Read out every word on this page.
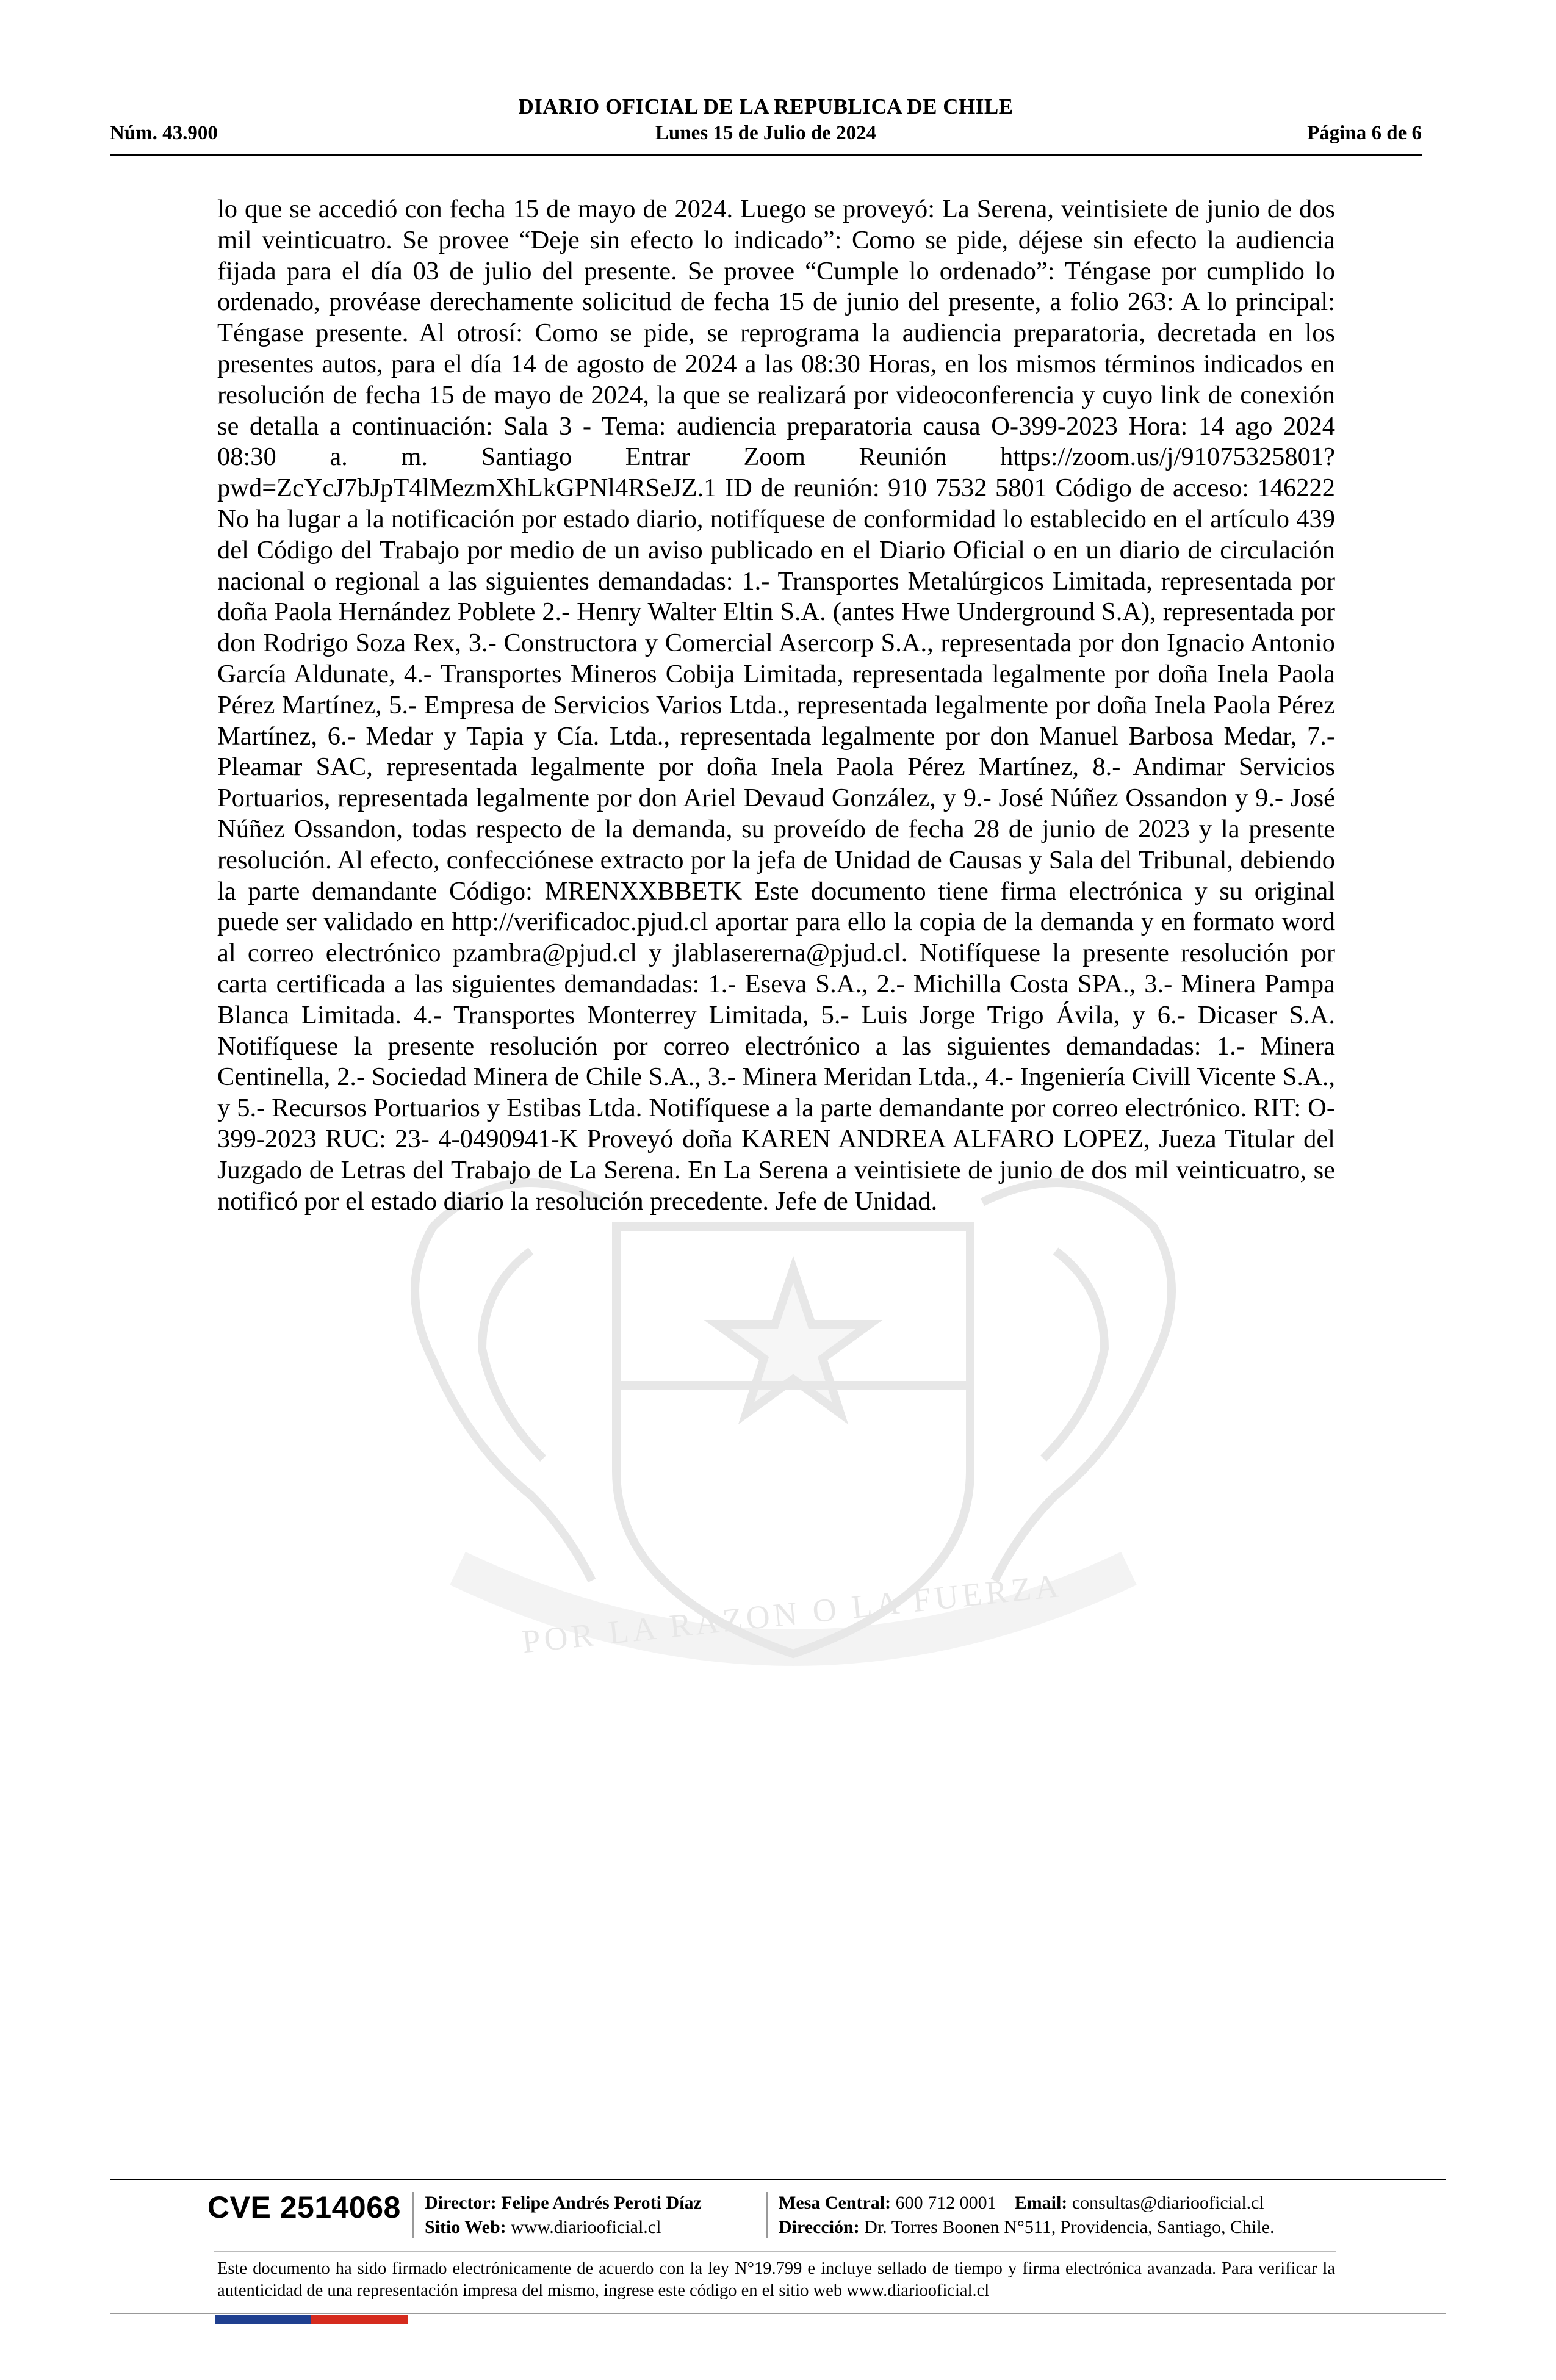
DIARIO OFICIAL DE LA REPUBLICA DE CHILE
Lunes 15 de Julio de 2024
Núm. 43.900	Página 6 de 6
POR LA RAZON O LA FUERZA
lo que se accedió con fecha 15 de mayo de 2024. Luego se proveyó: La Serena, veintisiete de junio de dos mil veinticuatro. Se provee “Deje sin efecto lo indicado”: Como se pide, déjese sin efecto la audiencia fijada para el día 03 de julio del presente. Se provee “Cumple lo ordenado”: Téngase por cumplido lo ordenado, provéase derechamente solicitud de fecha 15 de junio del presente, a folio 263: A lo principal: Téngase presente. Al otrosí: Como se pide, se reprograma la audiencia preparatoria, decretada en los presentes autos, para el día 14 de agosto de 2024 a las 08:30 Horas, en los mismos términos indicados en resolución de fecha 15 de mayo de 2024, la que se realizará por videoconferencia y cuyo link de conexión se detalla a continuación: Sala 3 - Tema: audiencia preparatoria causa O-399-2023 Hora: 14 ago 2024 08:30 a. m. Santiago Entrar Zoom Reunión https://zoom.us/j/91075325801? pwd=ZcYcJ7bJpT4lMezmXhLkGPNl4RSeJZ.1 ID de reunión: 910 7532 5801 Código de acceso: 146222 No ha lugar a la notificación por estado diario, notifíquese de conformidad lo establecido en el artículo 439 del Código del Trabajo por medio de un aviso publicado en el Diario Oficial o en un diario de circulación nacional o regional a las siguientes demandadas: 1.- Transportes Metalúrgicos Limitada, representada por doña Paola Hernández Poblete 2.- Henry Walter Eltin S.A. (antes Hwe Underground S.A), representada por don Rodrigo Soza Rex, 3.- Constructora y Comercial Asercorp S.A., representada por don Ignacio Antonio García Aldunate, 4.- Transportes Mineros Cobija Limitada, representada legalmente por doña Inela Paola Pérez Martínez, 5.- Empresa de Servicios Varios Ltda., representada legalmente por doña Inela Paola Pérez Martínez, 6.- Medar y Tapia y Cía. Ltda., representada legalmente por don Manuel Barbosa Medar, 7.- Pleamar SAC, representada legalmente por doña Inela Paola Pérez Martínez, 8.- Andimar Servicios Portuarios, representada legalmente por don Ariel Devaud González, y 9.- José Núñez Ossandon y 9.- José Núñez Ossandon, todas respecto de la demanda, su proveído de fecha 28 de junio de 2023 y la presente resolución. Al efecto, confecciónese extracto por la jefa de Unidad de Causas y Sala del Tribunal, debiendo la parte demandante Código: MRENXXBBETK Este documento tiene firma electrónica y su original puede ser validado en http://verificadoc.pjud.cl aportar para ello la copia de la demanda y en formato word al correo electrónico pzambra@pjud.cl y jlablasererna@pjud.cl. Notifíquese la presente resolución por carta certificada a las siguientes demandadas: 1.- Eseva S.A., 2.- Michilla Costa SPA., 3.- Minera Pampa Blanca Limitada. 4.- Transportes Monterrey Limitada, 5.- Luis Jorge Trigo Ávila, y 6.- Dicaser S.A. Notifíquese la presente resolución por correo electrónico a las siguientes demandadas: 1.- Minera Centinella, 2.- Sociedad Minera de Chile S.A., 3.- Minera Meridan Ltda., 4.- Ingeniería Civill Vicente S.A., y 5.- Recursos Portuarios y Estibas Ltda. Notifíquese a la parte demandante por correo electrónico. RIT: O- 399-2023 RUC: 23- 4-0490941-K Proveyó doña KAREN ANDREA ALFARO LOPEZ, Jueza Titular del Juzgado de Letras del Trabajo de La Serena. En La Serena a veintisiete de junio de dos mil veinticuatro, se notificó por el estado diario la resolución precedente. Jefe de Unidad.
CVE 2514068 Director: Felipe Andrés Peroti Díaz
Sitio Web: www.diariooficial.cl
Mesa Central: 600 712 0001 Email: consultas@diariooficial.cl
Dirección: Dr. Torres Boonen N°511, Providencia, Santiago, Chile.
Este documento ha sido firmado electrónicamente de acuerdo con la ley N°19.799 e incluye sellado de tiempo y firma electrónica avanzada. Para verificar la autenticidad de una representación impresa del mismo, ingrese este código en el sitio web www.diariooficial.cl
